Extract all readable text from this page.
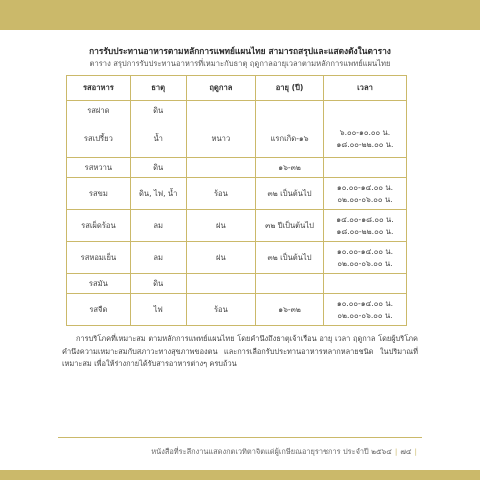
การรับประทานอาหารตามหลักการแพทย์แผนไทย สามารถสรุปและแสดงดังในตาราง
ตาราง สรุปการรับประทานอาหารที่เหมาะกับธาตุ ฤดูกาลอายุเวลาตามหลักการแพทย์แผนไทย
รสอาหาร	ธาตุ	ฤดูกาล	อายุ (ปี)	เวลา
รสฝาด	ดิน			
รสเปรี้ยว	น้ำ	หนาว	แรกเกิด-๑๖	๖.๐๐-๑๐.๐๐ น.
๑๘.๐๐-๒๒.๐๐ น.

รสหวาน	ดิน		๑๖-๓๒	
รสขม	ดิน, ไฟ, น้ำ	ร้อน	๓๒ เป็นต้นไป	๑๐.๐๐-๑๔.๐๐ น.
๐๒.๐๐-๐๖.๐๐ น.

รสเผ็ดร้อน	ลม	ฝน	๓๒ ปีเป็นต้นไป	๑๔.๐๐-๑๘.๐๐ น.
๑๘.๐๐-๒๒.๐๐ น.

รสหอมเย็น	ลม	ฝน	๓๒ เป็นต้นไป	๑๐.๐๐-๑๔.๐๐ น.
๐๒.๐๐-๐๖.๐๐ น.

รสมัน	ดิน			
รสจืด	ไฟ	ร้อน	๑๖-๓๒	๑๐.๐๐-๑๔.๐๐ น.
๐๒.๐๐-๐๖.๐๐ น.

การบริโภคที่เหมาะสม ตามหลักการแพทย์แผนไทย โดยคำนึงถึงธาตุเจ้าเรือน อายุ เวลา ฤดูกาล โดยผู้บริโภคคำนึงความเหมาะสมกับสภาวะทางสุขภาพของตน และการเลือกรับประทานอาหารหลากหลายชนิด ในปริมาณที่เหมาะสม เพื่อให้ร่างกายได้รับสารอาหารต่างๆ ครบถ้วน

หนังสือที่ระลึกงานแสดงกตเวทิตาจิตแด่ผู้เกษียณอายุราชการ ประจำปี ๒๕๖๔ | ๗๔ |
